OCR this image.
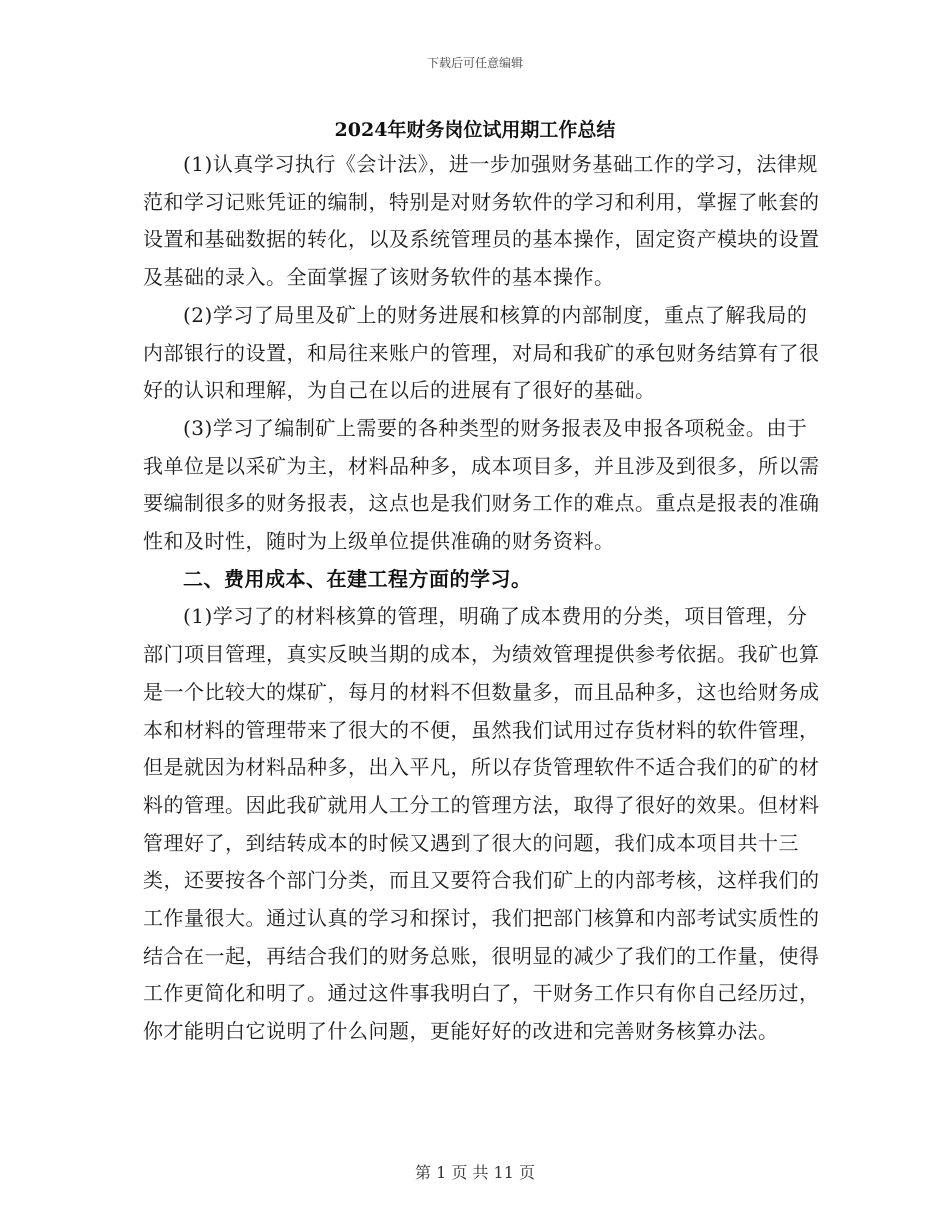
下载后可任意编辑
2024年财务岗位试用期工作总结

(1)认真学习执行《会计法》，进一步加强财务基础工作的学习，法律规范和学习记账凭证的编制，特别是对财务软件的学习和利用，掌握了帐套的设置和基础数据的转化，以及系统管理员的基本操作，固定资产模块的设置及基础的录入。全面掌握了该财务软件的基本操作。

(2)学习了局里及矿上的财务进展和核算的内部制度，重点了解我局的内部银行的设置，和局往来账户的管理，对局和我矿的承包财务结算有了很好的认识和理解，为自己在以后的进展有了很好的基础。

(3)学习了编制矿上需要的各种类型的财务报表及申报各项税金。由于我单位是以采矿为主，材料品种多，成本项目多，并且涉及到很多，所以需要编制很多的财务报表，这点也是我们财务工作的难点。重点是报表的准确性和及时性，随时为上级单位提供准确的财务资料。

二、费用成本、在建工程方面的学习。

(1)学习了的材料核算的管理，明确了成本费用的分类，项目管理，分部门项目管理，真实反映当期的成本，为绩效管理提供参考依据。我矿也算是一个比较大的煤矿，每月的材料不但数量多，而且品种多，这也给财务成本和材料的管理带来了很大的不便，虽然我们试用过存货材料的软件管理，但是就因为材料品种多，出入平凡，所以存货管理软件不适合我们的矿的材料的管理。因此我矿就用人工分工的管理方法，取得了很好的效果。但材料管理好了，到结转成本的时候又遇到了很大的问题，我们成本项目共十三类，还要按各个部门分类，而且又要符合我们矿上的内部考核，这样我们的工作量很大。通过认真的学习和探讨，我们把部门核算和内部考试实质性的结合在一起，再结合我们的财务总账，很明显的减少了我们的工作量，使得工作更简化和明了。通过这件事我明白了，干财务工作只有你自己经历过，你才能明白它说明了什么问题，更能好好的改进和完善财务核算办法。

第 1 页 共 11 页
